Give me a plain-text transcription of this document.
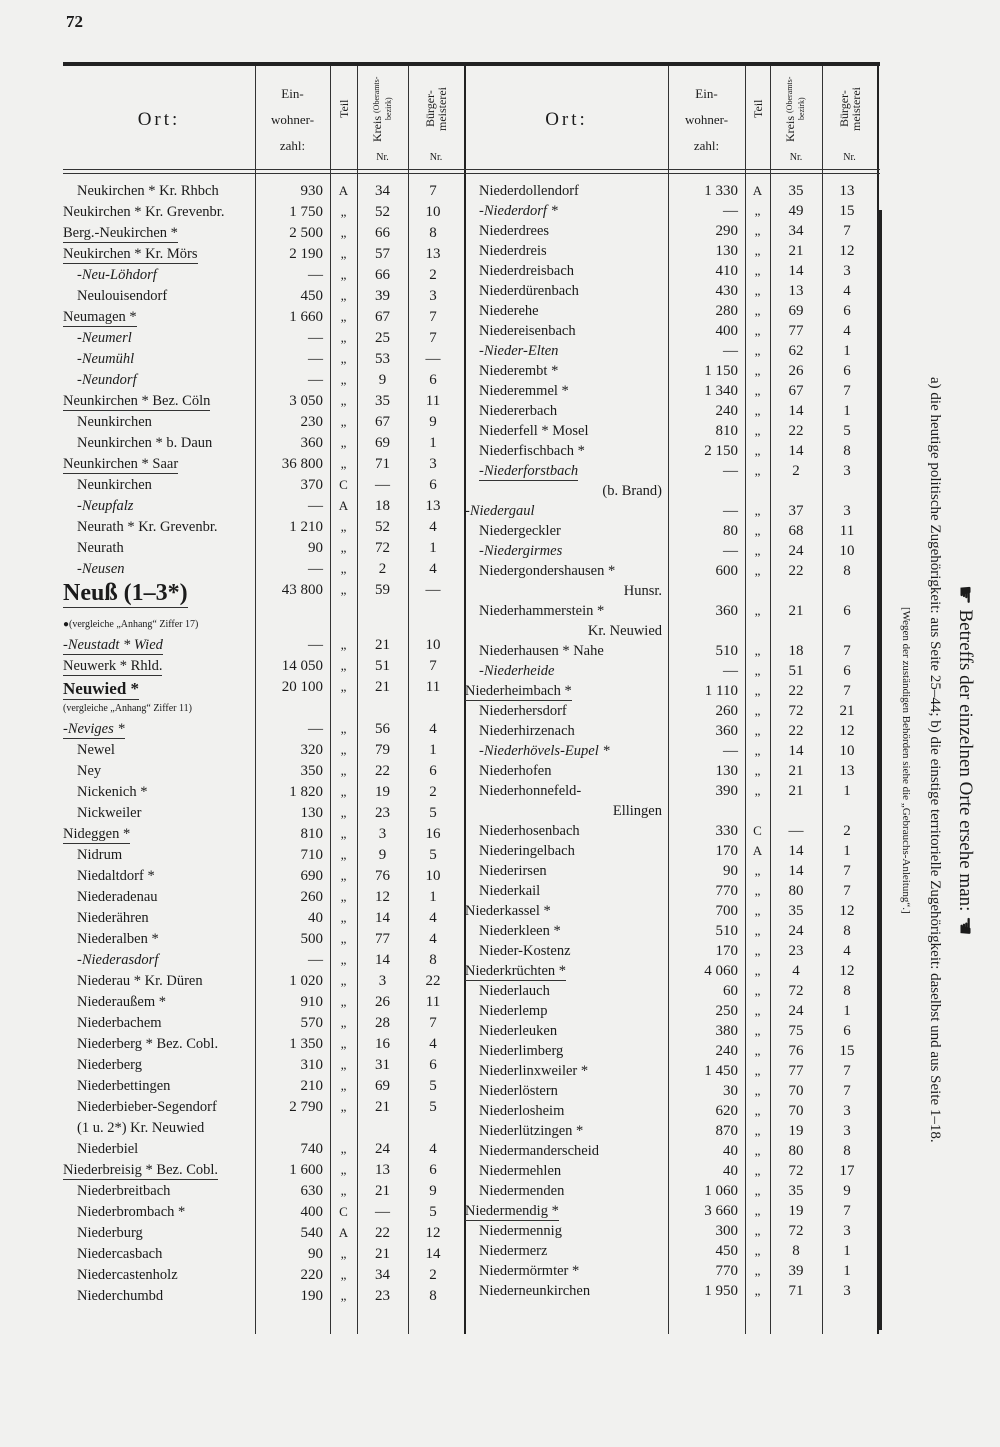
72
Ort:
Ein-
wohner-
zahl:
Teil
Kreis (Oberamts-bezirk)
Nr.
Bürger-meisterei
Nr.
Ort:
Ein-
wohner-
zahl:
Teil
Kreis (Oberamts-bezirk)
Nr.
Bürger-meisterei
Nr.
Neukirchen * Kr. Rhbch	930	A	34	7
Neukirchen * Kr. Grevenbr.	1 750	„	52	10
Berg.-Neukirchen *	2 500	„	66	8
Neukirchen * Kr. Mörs	2 190	„	57	13
-Neu-Löhdorf	—	„	66	2
Neulouisendorf	450	„	39	3
Neumagen *	1 660	„	67	7
-Neumerl	—	„	25	7
-Neumühl	—	„	53	—
-Neundorf	—	„	9	6
Neunkirchen * Bez. Cöln	3 050	„	35	11
Neunkirchen	230	„	67	9
Neunkirchen * b. Daun	360	„	69	1
Neunkirchen * Saar	36 800	„	71	3
Neunkirchen	370	C	—	6
-Neupfalz	—	A	18	13
Neurath * Kr. Grevenbr.	1 210	„	52	4
Neurath	90	„	72	1
-Neusen	—	„	2	4
Neuß (1–3*)	43 800	„	59	—
●(vergleiche „Anhang“ Ziffer 17)
-Neustadt * Wied	—	„	21	10
Neuwerk * Rhld.	14 050	„	51	7
Neuwied *	20 100	„	21	11
(vergleiche „Anhang“ Ziffer 11)
-Neviges *	—	„	56	4
Newel	320	„	79	1
Ney	350	„	22	6
Nickenich *	1 820	„	19	2
Nickweiler	130	„	23	5
Nideggen *	810	„	3	16
Nidrum	710	„	9	5
Niedaltdorf *	690	„	76	10
Niederadenau	260	„	12	1
Niederähren	40	„	14	4
Niederalben *	500	„	77	4
-Niederasdorf	—	„	14	8
Niederau * Kr. Düren	1 020	„	3	22
Niederaußem *	910	„	26	11
Niederbachem	570	„	28	7
Niederberg * Bez. Cobl.	1 350	„	16	4
Niederberg	310	„	31	6
Niederbettingen	210	„	69	5
Niederbieber-Segendorf	2 790	„	21	5
(1 u. 2*) Kr. Neuwied
Niederbiel	740	„	24	4
Niederbreisig * Bez. Cobl.	1 600	„	13	6
Niederbreitbach	630	„	21	9
Niederbrombach *	400	C	—	5
Niederburg	540	A	22	12
Niedercasbach	90	„	21	14
Niedercastenholz	220	„	34	2
Niederchumbd	190	„	23	8
Niederdollendorf	1 330	A	35	13
-Niederdorf *	—	„	49	15
Niederdrees	290	„	34	7
Niederdreis	130	„	21	12
Niederdreisbach	410	„	14	3
Niederdürenbach	430	„	13	4
Niederehe	280	„	69	6
Niedereisenbach	400	„	77	4
-Nieder-Elten	—	„	62	1
Niederembt *	1 150	„	26	6
Niederemmel *	1 340	„	67	7
Niedererbach	240	„	14	1
Niederfell * Mosel	810	„	22	5
Niederfischbach *	2 150	„	14	8
-Niederforstbach	—	„	2	3
(b. Brand)
-Niedergaul	—	„	37	3
Niedergeckler	80	„	68	11
-Niedergirmes	—	„	24	10
Niedergondershausen *	600	„	22	8
Hunsr.
Niederhammerstein *	360	„	21	6
Kr. Neuwied
Niederhausen * Nahe	510	„	18	7
-Niederheide	—	„	51	6
Niederheimbach *	1 110	„	22	7
Niederhersdorf	260	„	72	21
Niederhirzenach	360	„	22	12
-Niederhövels-Eupel *	—	„	14	10
Niederhofen	130	„	21	13
Niederhonnefeld-	390	„	21	1
Ellingen
Niederhosenbach	330	C	—	2
Niederingelbach	170	A	14	1
Niederirsen	90	„	14	7
Niederkail	770	„	80	7
Niederkassel *	700	„	35	12
Niederkleen *	510	„	24	8
Nieder-Kostenz	170	„	23	4
Niederkrüchten *	4 060	„	4	12
Niederlauch	60	„	72	8
Niederlemp	250	„	24	1
Niederleuken	380	„	75	6
Niederlimberg	240	„	76	15
Niederlinxweiler *	1 450	„	77	7
Niederlöstern	30	„	70	7
Niederlosheim	620	„	70	3
Niederlützingen *	870	„	19	3
Niedermanderscheid	40	„	80	8
Niedermehlen	40	„	72	17
Niedermenden	1 060	„	35	9
Niedermendig *	3 660	„	19	7
Niedermennig	300	„	72	3
Niedermerz	450	„	8	1
Niedermörmter *	770	„	39	1
Niederneunkirchen	1 950	„	71	3
☛ Betreffs der einzelnen Orte ersehe man: ☚
a) die heutige politische Zugehörigkeit: aus Seite 25–44; b) die einstige territorielle Zugehörigkeit: daselbst und aus Seite 1–18.
[Wegen der zuständigen Behörden siehe die „Gebrauchs-Anleitung“.]
